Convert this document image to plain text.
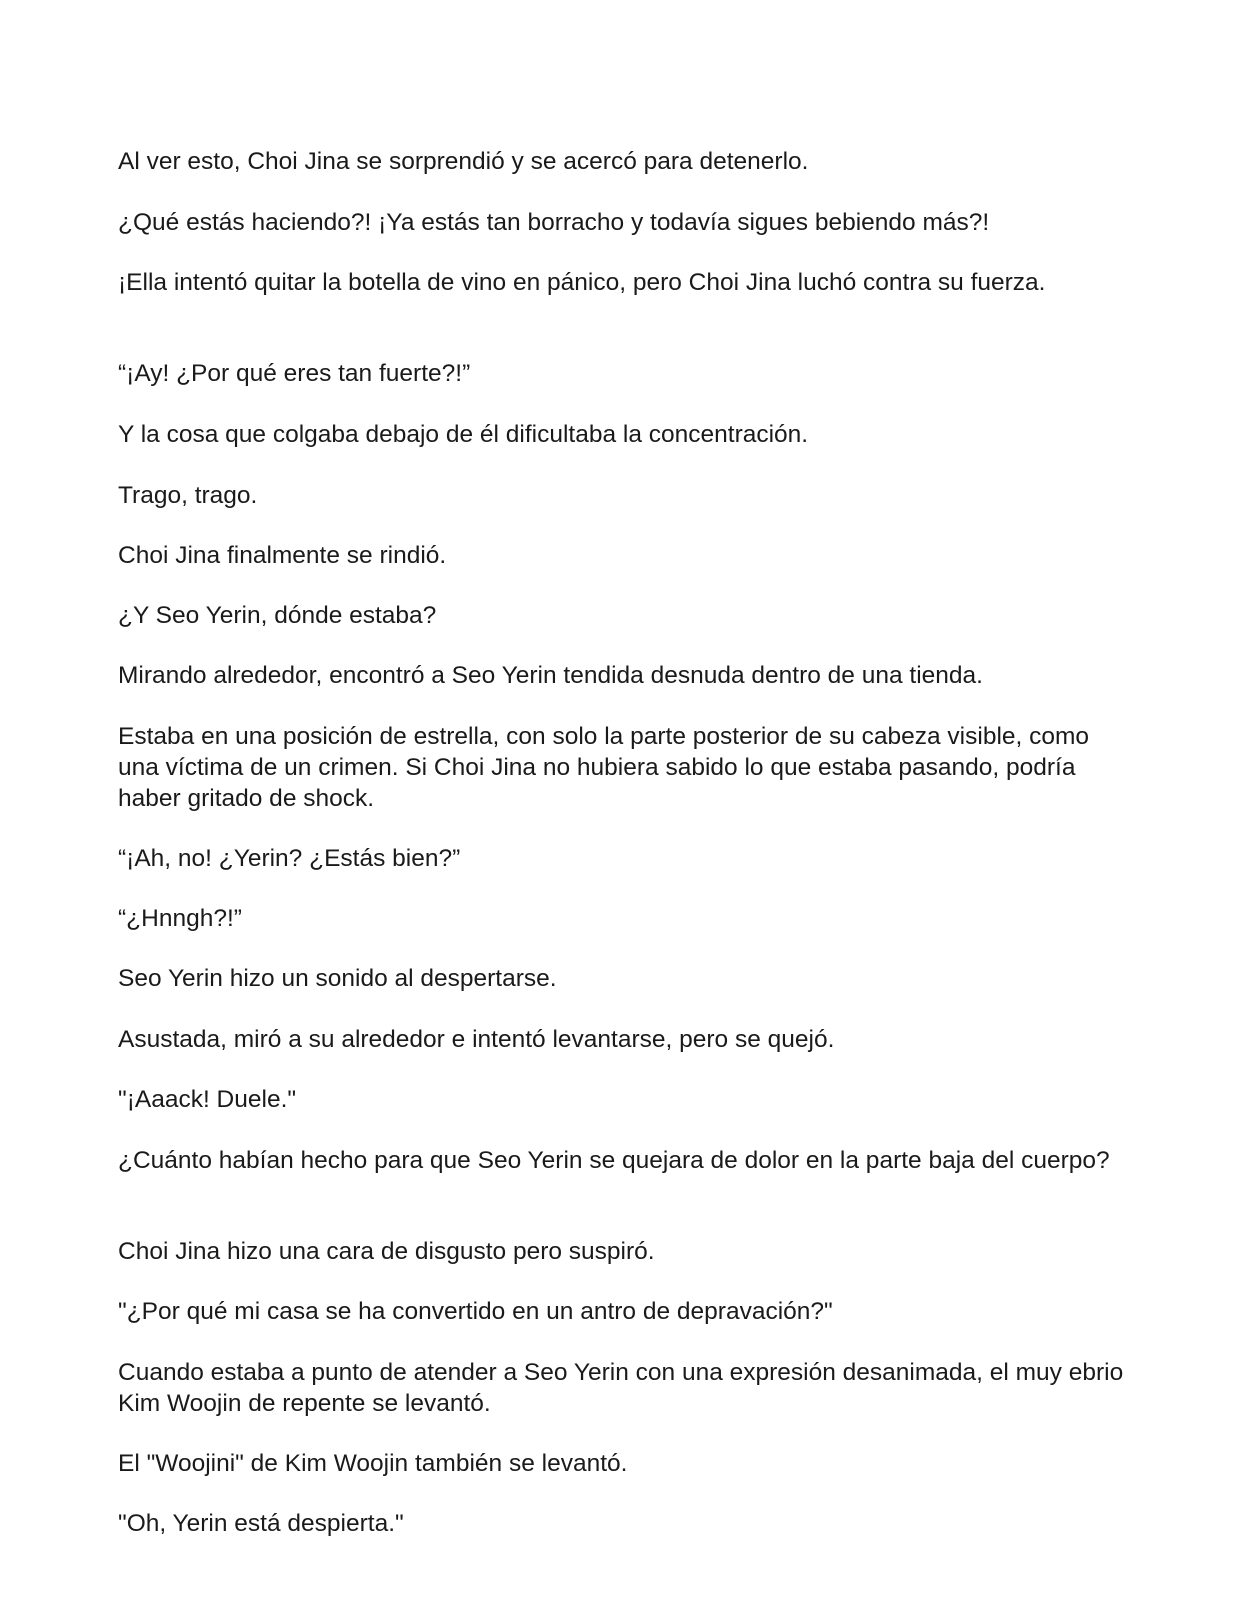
Al ver esto, Choi Jina se sorprendió y se acercó para detenerlo.

¿Qué estás haciendo?! ¡Ya estás tan borracho y todavía sigues bebiendo más?!

¡Ella intentó quitar la botella de vino en pánico, pero Choi Jina luchó contra su fuerza.

“¡Ay! ¿Por qué eres tan fuerte?!”

Y la cosa que colgaba debajo de él dificultaba la concentración.

Trago, trago.

Choi Jina finalmente se rindió.

¿Y Seo Yerin, dónde estaba?

Mirando alrededor, encontró a Seo Yerin tendida desnuda dentro de una tienda.

Estaba en una posición de estrella, con solo la parte posterior de su cabeza visible, como una víctima de un crimen. Si Choi Jina no hubiera sabido lo que estaba pasando, podría haber gritado de shock.

“¡Ah, no! ¿Yerin? ¿Estás bien?”

“¿Hnngh?!”

Seo Yerin hizo un sonido al despertarse.

Asustada, miró a su alrededor e intentó levantarse, pero se quejó.

"¡Aaack! Duele."

¿Cuánto habían hecho para que Seo Yerin se quejara de dolor en la parte baja del cuerpo?

Choi Jina hizo una cara de disgusto pero suspiró.

"¿Por qué mi casa se ha convertido en un antro de depravación?"

Cuando estaba a punto de atender a Seo Yerin con una expresión desanimada, el muy ebrio Kim Woojin de repente se levantó.

El "Woojini" de Kim Woojin también se levantó.

"Oh, Yerin está despierta."
